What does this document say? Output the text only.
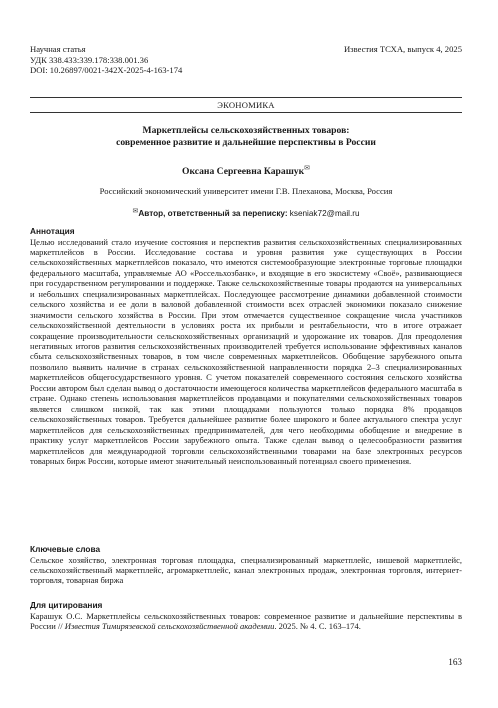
Научная статья
УДК 338.433:339.178:338.001.36
DOI: 10.26897/0021-342X-2025-4-163-174
Известия ТСХА, выпуск 4, 2025
ЭКОНОМИКА
Маркетплейсы сельскохозяйственных товаров:
современное развитие и дальнейшие перспективы в России
Оксана Сергеевна Карашук✉
Российский экономический университет имени Г.В. Плеханова, Москва, Россия
✉Автор, ответственный за переписку: kseniak72@mail.ru
Аннотация

Целью исследований стало изучение состояния и перспектив развития сельскохозяйственных специализированных маркетплейсов в России. Исследование состава и уровня развития уже существующих в России сельскохозяйственных маркетплейсов показало, что имеются системообразующие электронные торговые площадки федерального масштаба, управляемые АО «Россельхозбанк», и входящие в его экосистему «Своё», развивающиеся при государственном регулировании и поддержке. Также сельскохозяйственные товары продаются на универсальных и небольших специализированных маркетплейсах. Последующее рассмотрение динамики добавленной стоимости сельского хозяйства и ее доли в валовой добавленной стоимости всех отраслей экономики показало снижение значимости сельского хозяйства в России. При этом отмечается существенное сокращение числа участников сельскохозяйственной деятельности в условиях роста их прибыли и рентабельности, что в итоге отражает сокращение производительности сельскохозяйственных организаций и удорожание их товаров. Для преодоления негативных итогов развития сельскохозяйственных производителей требуется использование эффективных каналов сбыта сельскохозяйственных товаров, в том числе современных маркетплейсов. Обобщение зарубежного опыта позволило выявить наличие в странах сельскохозяйственной направленности порядка 2–3 специализированных маркетплейсов общегосударственного уровня. С учетом показателей современного состояния сельского хозяйства России автором был сделан вывод о достаточности имеющегося количества маркетплейсов федерального масштаба в стране. Однако степень использования маркетплейсов продавцами и покупателями сельскохозяйственных товаров является слишком низкой, так как этими площадками пользуются только порядка 8% продавцов сельскохозяйственных товаров. Требуется дальнейшее развитие более широкого и более актуального спектра услуг маркетплейсов для сельскохозяйственных предпринимателей, для чего необходимы обобщение и внедрение в практику услуг маркетплейсов России зарубежного опыта. Также сделан вывод о целесообразности развития маркетплейсов для международной торговли сельскохозяйственными товарами на базе электронных ресурсов товарных бирж России, которые имеют значительный неиспользованный потенциал своего применения.

Ключевые слова

Сельское хозяйство, электронная торговая площадка, специализированный маркетплейс, нишевой маркетплейс, сельскохозяйственный маркетплейс, агромаркетплейс, канал электронных продаж, электронная торговля, интернет-торговля, товарная биржа

Для цитирования

Карашук О.С. Маркетплейсы сельскохозяйственных товаров: современное развитие и дальнейшие перспективы в России // Известия Тимирязевской сельскохозяйственной академии. 2025. № 4. С. 163–174.

163
